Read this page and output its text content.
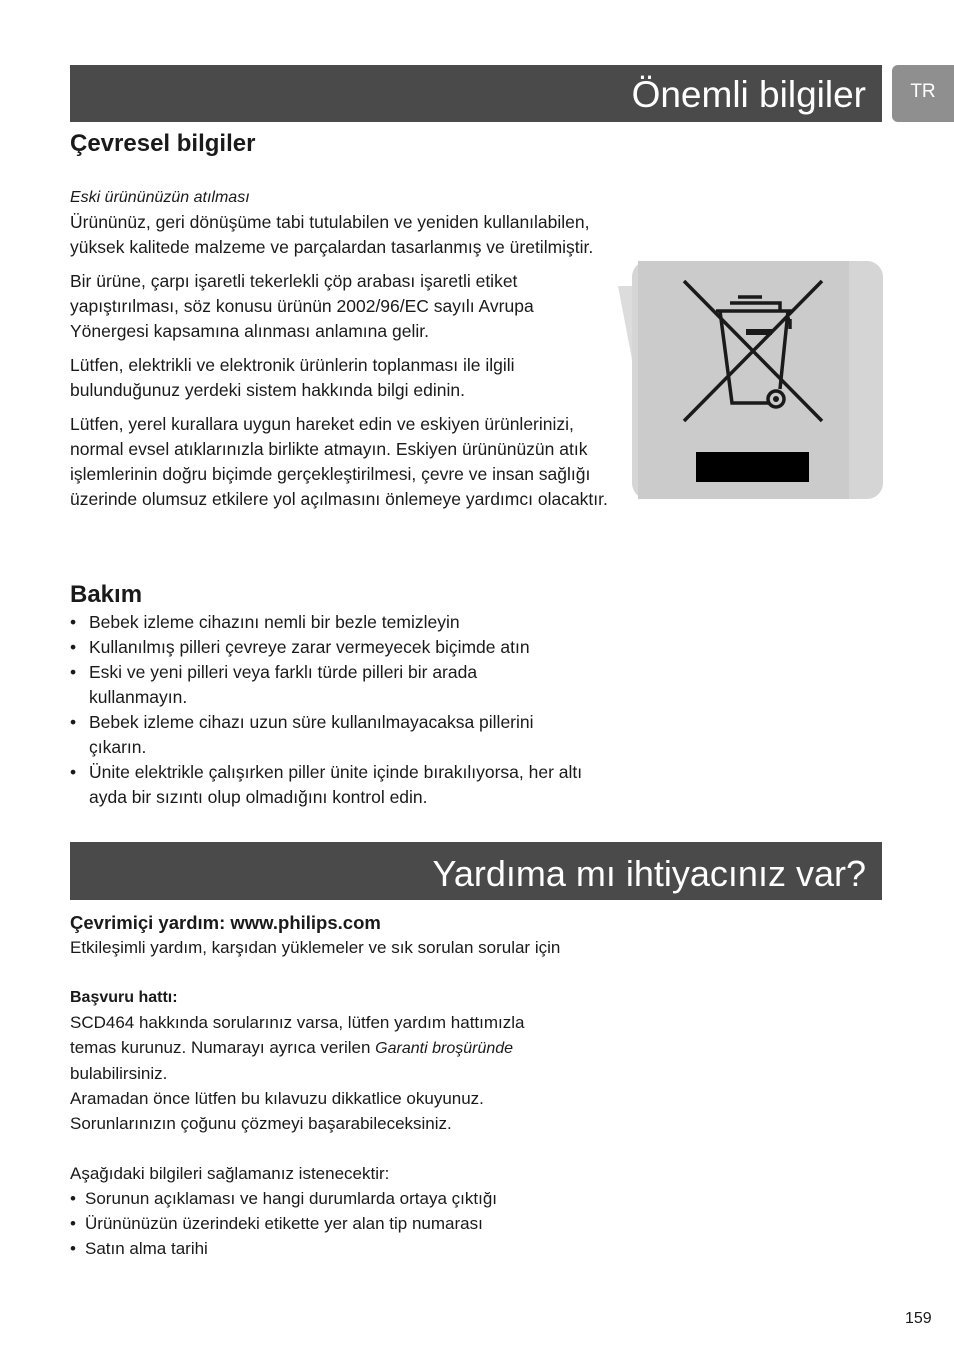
Önemli bilgiler	TR
Çevresel bilgiler

Eski ürününüzün atılması

Ürününüz, geri dönüşüme tabi tutulabilen ve yeniden kullanılabilen, yüksek kalitede malzeme ve parçalardan tasarlanmış ve üretilmiştir.

Bir ürüne, çarpı işaretli tekerlekli çöp arabası işaretli etiket yapıştırılması, söz konusu ürünün 2002/96/EC sayılı Avrupa Yönergesi kapsamına alınması anlamına gelir.

Lütfen, elektrikli ve elektronik ürünlerin toplanması ile ilgili bulunduğunuz yerdeki sistem hakkında bilgi edinin.

Lütfen, yerel kurallara uygun hareket edin ve eskiyen ürünlerinizi, normal evsel atıklarınızla birlikte atmayın. Eskiyen ürününüzün atık işlemlerinin doğru biçimde gerçekleştirilmesi, çevre ve insan sağlığı üzerinde olumsuz etkilere yol açılmasını önlemeye yardımcı olacaktır.

Bakım
• Bebek izleme cihazını nemli bir bezle temizleyin
• Kullanılmış pilleri çevreye zarar vermeyecek biçimde atın
• Eski ve yeni pilleri veya farklı türde pilleri bir arada kullanmayın.
• Bebek izleme cihazı uzun süre kullanılmayacaksa pillerini çıkarın.
• Ünite elektrikle çalışırken piller ünite içinde bırakılıyorsa, her altı ayda bir sızıntı olup olmadığını kontrol edin.
Yardıma mı ihtiyacınız var?

Çevrimiçi yardım: www.philips.com

Etkileşimli yardım, karşıdan yüklemeler ve sık sorulan sorular için

Başvuru hattı:

SCD464 hakkında sorularınız varsa, lütfen yardım hattımızla temas kurunuz. Numarayı ayrıca verilen Garanti broşüründe bulabilirsiniz.

Aramadan önce lütfen bu kılavuzu dikkatlice okuyunuz. Sorunlarınızın çoğunu çözmeyi başarabileceksiniz.

Aşağıdaki bilgileri sağlamanız istenecektir:

• Sorunun açıklaması ve hangi durumlarda ortaya çıktığı
• Ürününüzün üzerindeki etikette yer alan tip numarası
• Satın alma tarihi
159
